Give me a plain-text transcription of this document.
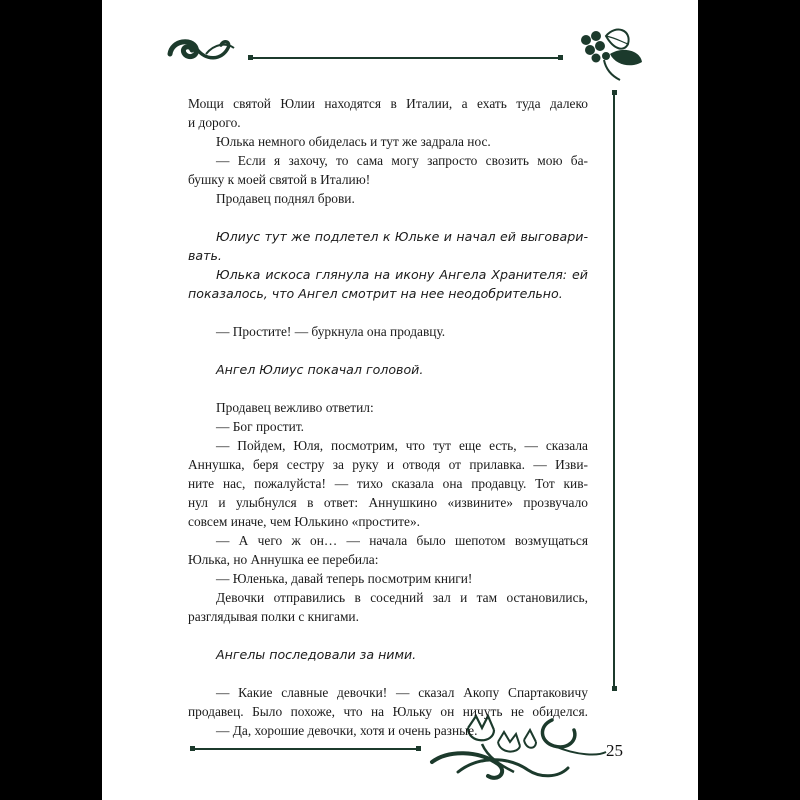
25
Мощи святой Юлии находятся в Италии, а ехать туда далеко
и дорого.
Юлька немного обиделась и тут же задрала нос.
— Если я захочу, то сама могу запросто свозить мою ба-
бушку к моей святой в Италию!
Продавец поднял брови.
Юлиус тут же подлетел к Юльке и начал ей выговари-
вать.
Юлька искоса глянула на икону Ангела Хранителя: ей
показалось, что Ангел смотрит на нее неодобрительно.
— Простите! — буркнула она продавцу.
Ангел Юлиус покачал головой.
Продавец вежливо ответил:
— Бог простит.
— Пойдем, Юля, посмотрим, что тут еще есть, — сказала
Аннушка, беря сестру за руку и отводя от прилавка. — Изви-
ните нас, пожалуйста! — тихо сказала она продавцу. Тот кив-
нул и улыбнулся в ответ: Аннушкино «извините» прозвучало
совсем иначе, чем Юлькино «простите».
— А чего ж он… — начала было шепотом возмущаться
Юлька, но Аннушка ее перебила:
— Юленька, давай теперь посмотрим книги!
Девочки отправились в соседний зал и там остановились,
разглядывая полки с книгами.
Ангелы последовали за ними.
— Какие славные девочки! — сказал Акопу Спартаковичу
продавец. Было похоже, что на Юльку он ничуть не обиделся.
— Да, хорошие девочки, хотя и очень разные.
